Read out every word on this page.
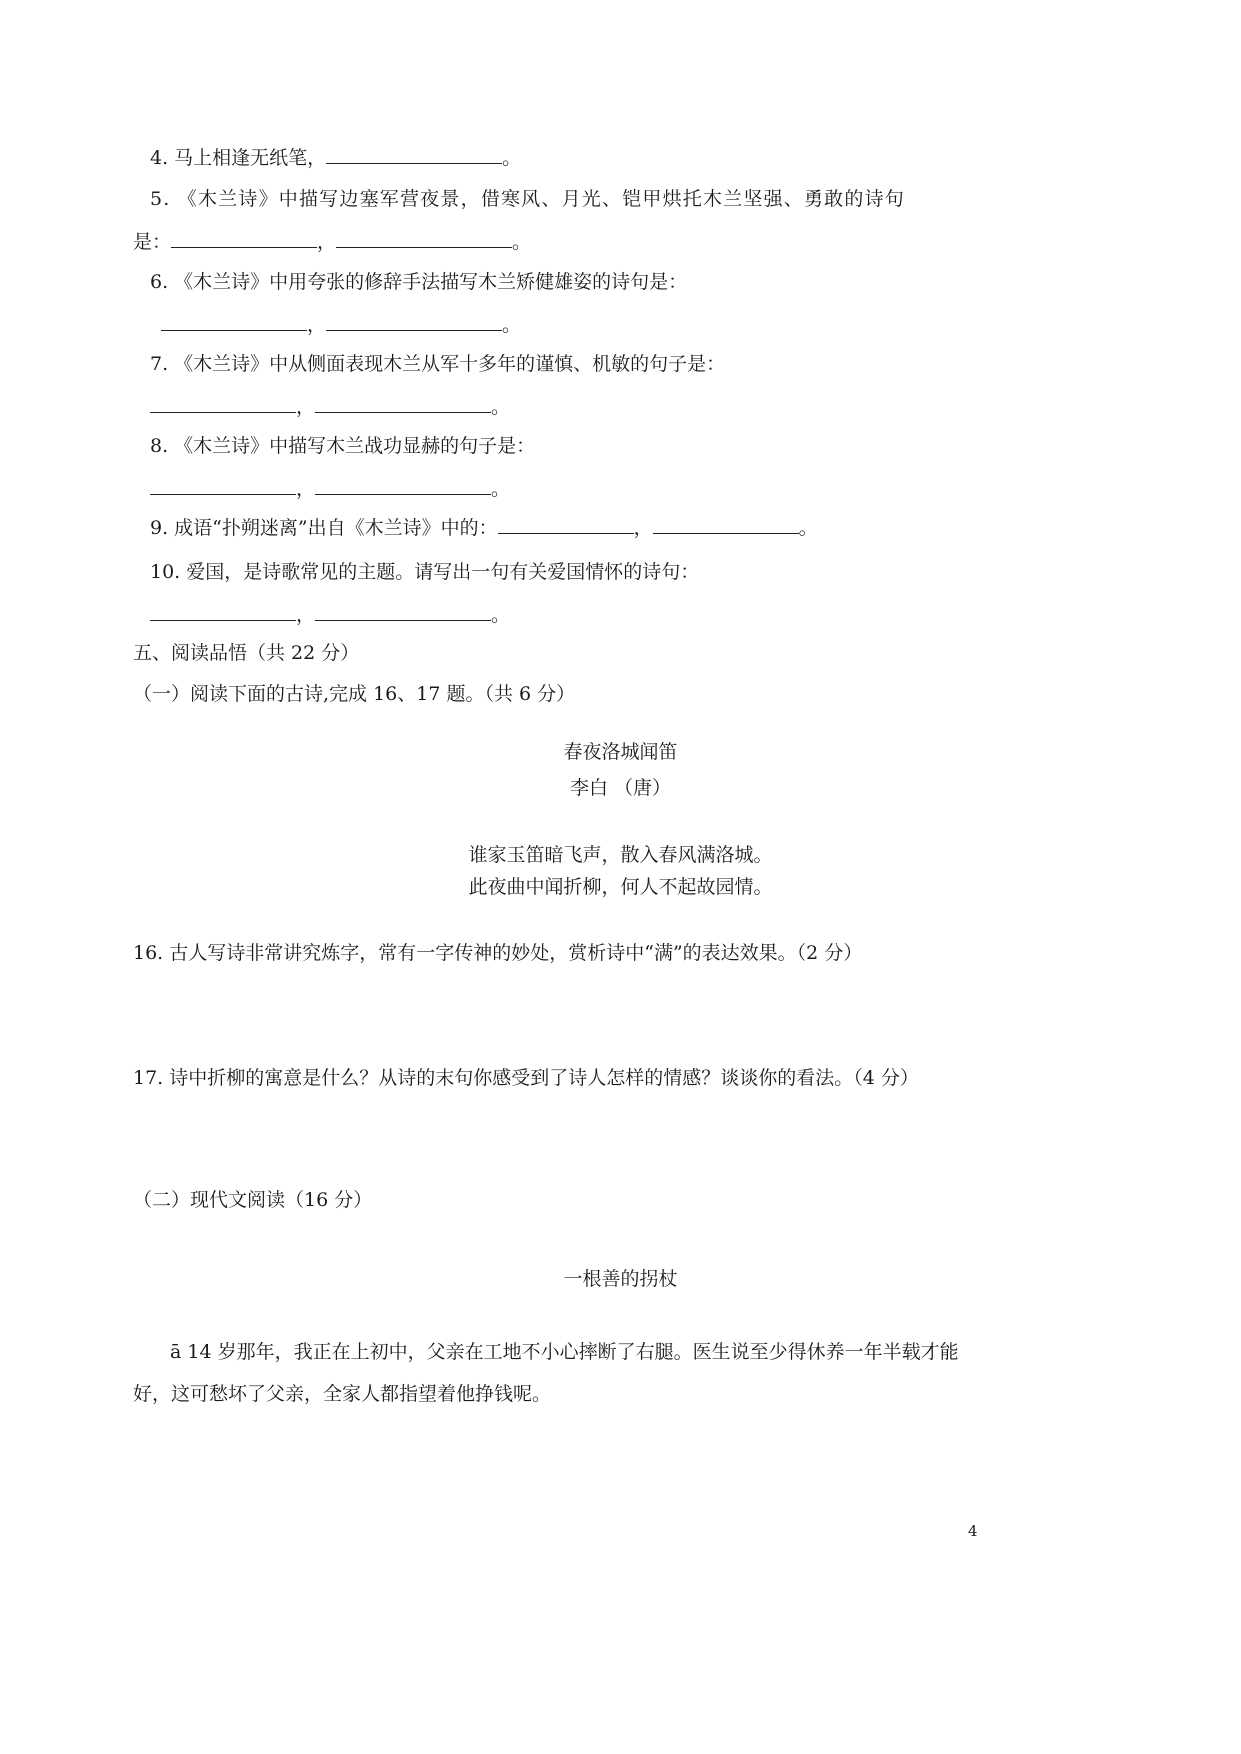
4. 马上相逢无纸笔，	。
5. 《木兰诗》中描写边塞军营夜景，借寒风、月光、铠甲烘托木兰坚强、勇敢的诗句
是：	，	。
6. 《木兰诗》中用夸张的修辞手法描写木兰矫健雄姿的诗句是：
，	。
7. 《木兰诗》中从侧面表现木兰从军十多年的谨慎、机敏的句子是：
，	。
8. 《木兰诗》中描写木兰战功显赫的句子是：
，	。
9. 成语“扑朔迷离”出自《木兰诗》中的：	，	。
10. 爱国，是诗歌常见的主题。请写出一句有关爱国情怀的诗句：
，	。
五、阅读品悟（共 22 分）
（一）阅读下面的古诗,完成 16、17 题。（共 6 分）
春夜洛城闻笛
李白 （唐）
谁家玉笛暗飞声，散入春风满洛城。
此夜曲中闻折柳，何人不起故园情。
16. 古人写诗非常讲究炼字，常有一字传神的妙处，赏析诗中“满”的表达效果。（2 分）
17. 诗中折柳的寓意是什么？从诗的末句你感受到了诗人怎样的情感？谈谈你的看法。（4 分）
（二）现代文阅读（16 分）
一根善的拐杖
ā 14 岁那年，我正在上初中，父亲在工地不小心摔断了右腿。医生说至少得休养一年半载才能
好，这可愁坏了父亲，全家人都指望着他挣钱呢。
4
